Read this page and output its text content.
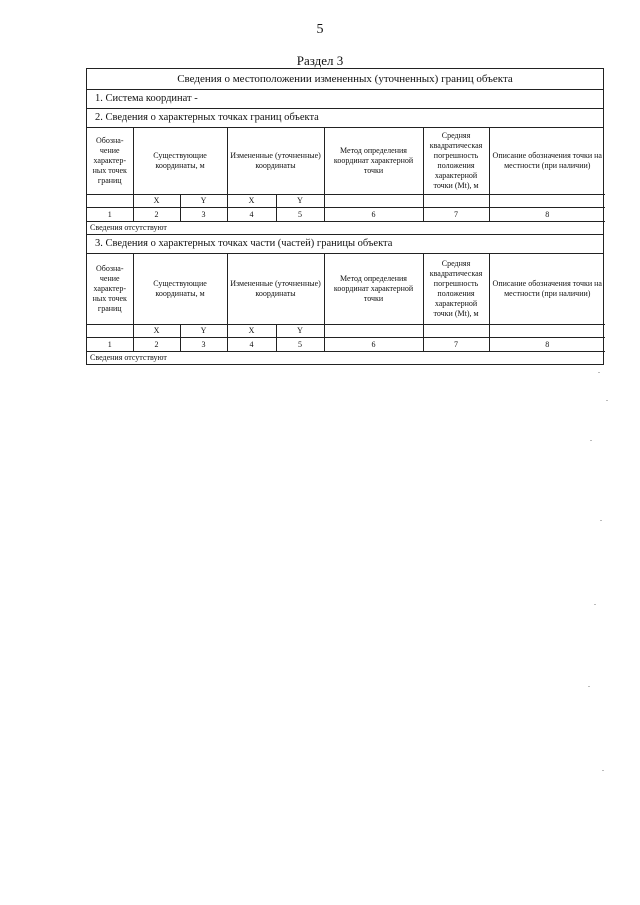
5
Раздел 3
Сведения о местоположении измененных (уточненных) границ объекта
1. Система координат -
2. Сведения о характерных точках границ объекта
Обозна-чение характер-ных точек границ	Существующие координаты, м		Измененные (уточненные) координаты		Метод определения координат характерной точки	Средняя квадратическая погрешность положения характерной точки (Mt), м	Описание обозначения точки на местности (при наличии)
	X	Y	X	Y			
1	2	3	4	5	6	7	8
Сведения отсутствуют
3. Сведения о характерных точках части (частей) границы объекта
Обозна-чение характер-ных точек границ	Существующие координаты, м		Измененные (уточненные) координаты		Метод определения координат характерной точки	Средняя квадратическая погрешность положения характерной точки (Mt), м	Описание обозначения точки на местности (при наличии)
	X	Y	X	Y			
1	2	3	4	5	6	7	8
Сведения отсутствуют
